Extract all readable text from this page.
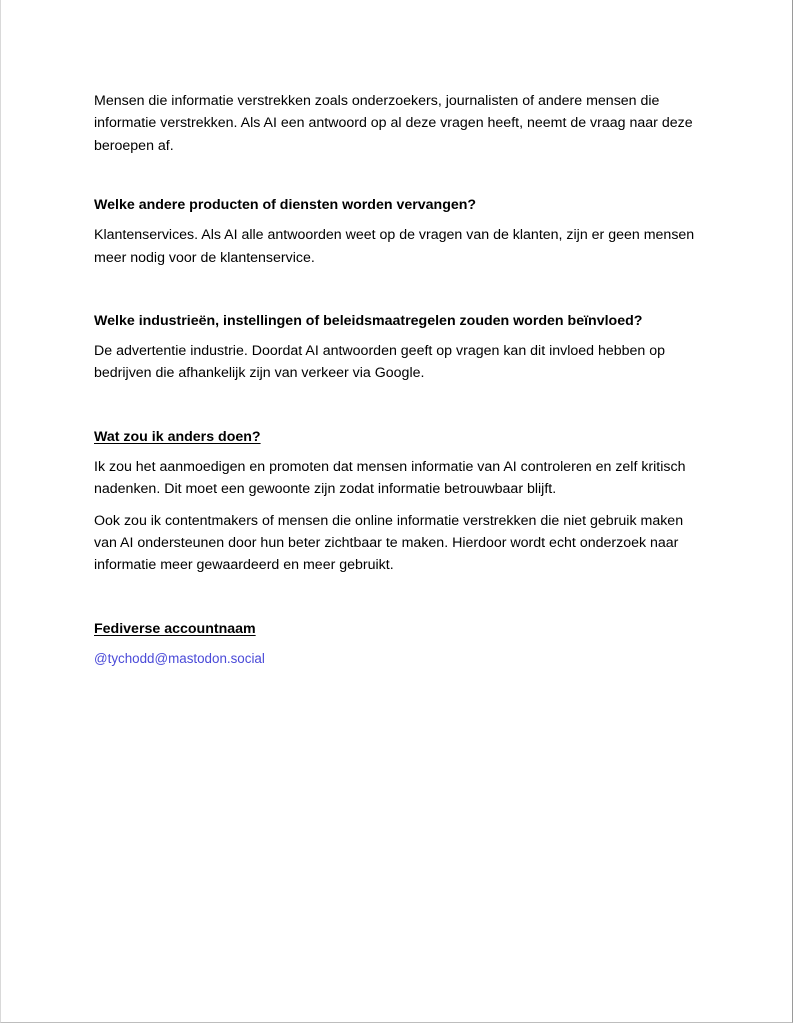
Mensen die informatie verstrekken zoals onderzoekers, journalisten of andere mensen die informatie verstrekken. Als AI een antwoord op al deze vragen heeft, neemt de vraag naar deze beroepen af.

Welke andere producten of diensten worden vervangen?

Klantenservices. Als AI alle antwoorden weet op de vragen van de klanten, zijn er geen mensen meer nodig voor de klantenservice.

Welke industrieën, instellingen of beleidsmaatregelen zouden worden beïnvloed?

De advertentie industrie. Doordat AI antwoorden geeft op vragen kan dit invloed hebben op bedrijven die afhankelijk zijn van verkeer via Google.

Wat zou ik anders doen?

Ik zou het aanmoedigen en promoten dat mensen informatie van AI controleren en zelf kritisch nadenken. Dit moet een gewoonte zijn zodat informatie betrouwbaar blijft.

Ook zou ik contentmakers of mensen die online informatie verstrekken die niet gebruik maken van AI ondersteunen door hun beter zichtbaar te maken. Hierdoor wordt echt onderzoek naar informatie meer gewaardeerd en meer gebruikt.

Fediverse accountnaam
@tychodd@mastodon.social
